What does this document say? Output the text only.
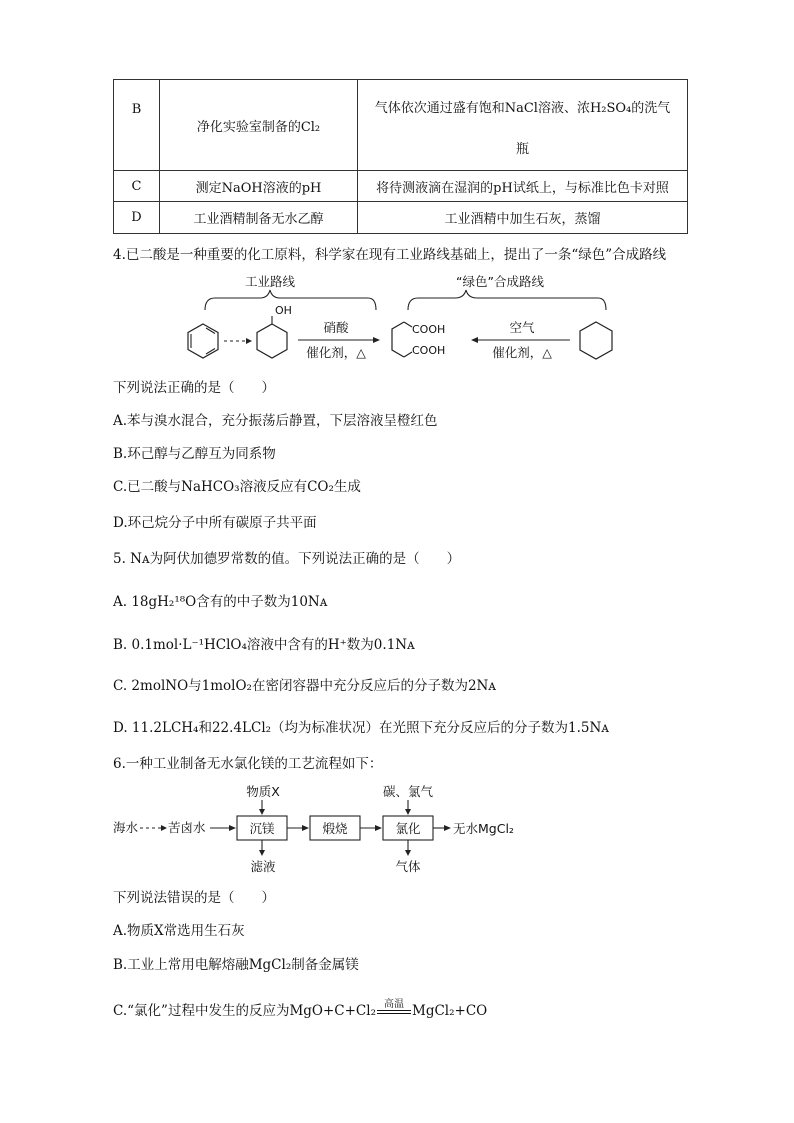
B	净化实验室制备的Cl₂	气体依次通过盛有饱和NaCl溶液、浓H₂SO₄的洗气
瓶

C	测定NaOH溶液的pH	将待测液滴在湿润的pH试纸上，与标准比色卡对照
D	工业酒精制备无水乙醇	工业酒精中加生石灰，蒸馏
4.已二酸是一种重要的化工原料，科学家在现有工业路线基础上，提出了一条“绿色”合成路线
工业路线	“绿色”合成路线
OH
硝酸
催化剂，△
COOH
COOH
空气
催化剂，△
下列说法正确的是（　　）
A.苯与溴水混合，充分振荡后静置，下层溶液呈橙红色
B.环己醇与乙醇互为同系物
C.已二酸与NaHCO₃溶液反应有CO₂生成
D.环己烷分子中所有碳原子共平面
5. Nᴀ为阿伏加德罗常数的值。下列说法正确的是（　　）
A. 18gH₂¹⁸O含有的中子数为10Nᴀ
B. 0.1mol·L⁻¹HClO₄溶液中含有的H⁺数为0.1Nᴀ
C. 2molNO与1molO₂在密闭容器中充分反应后的分子数为2Nᴀ
D. 11.2LCH₄和22.4LCl₂（均为标准状况）在光照下充分反应后的分子数为1.5Nᴀ
6.一种工业制备无水氯化镁的工艺流程如下：
物质X
海水 苦卤水	沉镁	煅烧	氯化
碳、氯气
无水MgCl₂
滤液	气体
下列说法错误的是（　　）
A.物质X常选用生石灰
B.工业上常用电解熔融MgCl₂制备金属镁
C.“氯化”过程中发生的反应为MgO+C+Cl₂ 高温 MgCl₂+CO
